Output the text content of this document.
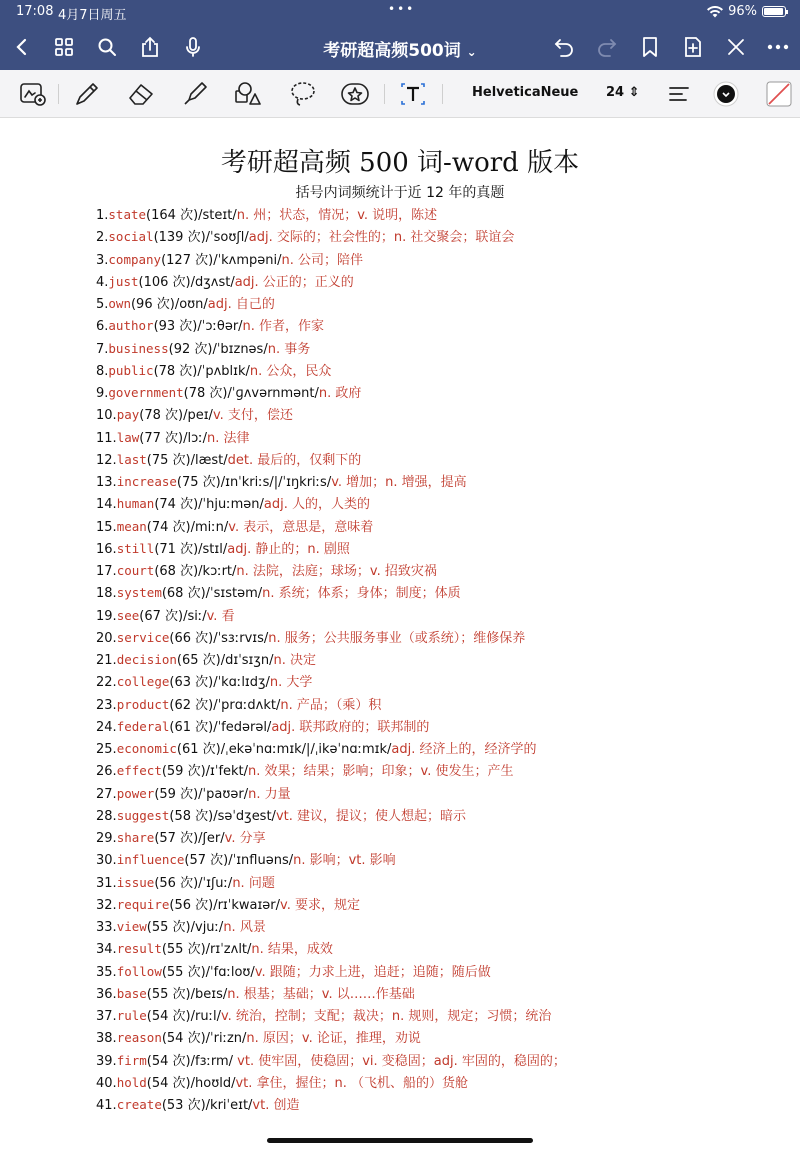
17:08 4月7日周五	•••	96%
考研超高频500词 ⌄
HelveticaNeue 24 ⇕
考研超高频 500 词-word 版本
括号内词频统计于近 12 年的真题
1.state(164 次)/steɪt/n. 州；状态，情况；v. 说明，陈述
2.social(139 次)/ˈsoʊʃl/adj. 交际的；社会性的；n. 社交聚会；联谊会
3.company(127 次)/ˈkʌmpəni/n. 公司；陪伴
4.just(106 次)/dʒʌst/adj. 公正的；正义的
5.own(96 次)/oʊn/adj. 自己的
6.author(93 次)/ˈɔːθər/n. 作者，作家
7.business(92 次)/ˈbɪznəs/n. 事务
8.public(78 次)/ˈpʌblɪk/n. 公众，民众
9.government(78 次)/ˈɡʌvərnmənt/n. 政府
10.pay(78 次)/peɪ/v. 支付，偿还
11.law(77 次)/lɔː/n. 法律
12.last(75 次)/læst/det. 最后的，仅剩下的
13.increase(75 次)/ɪnˈkriːs/|/ˈɪŋkriːs/v. 增加；n. 增强，提高
14.human(74 次)/ˈhjuːmən/adj. 人的，人类的
15.mean(74 次)/miːn/v. 表示，意思是，意味着
16.still(71 次)/stɪl/adj. 静止的；n. 剧照
17.court(68 次)/kɔːrt/n. 法院，法庭；球场；v. 招致灾祸
18.system(68 次)/ˈsɪstəm/n. 系统；体系；身体；制度；体质
19.see(67 次)/siː/v. 看
20.service(66 次)/ˈsɜːrvɪs/n. 服务；公共服务事业（或系统）；维修保养
21.decision(65 次)/dɪˈsɪʒn/n. 决定
22.college(63 次)/ˈkɑːlɪdʒ/n. 大学
23.product(62 次)/ˈprɑːdʌkt/n. 产品；（乘）积
24.federal(61 次)/ˈfedərəl/adj. 联邦政府的；联邦制的
25.economic(61 次)/ˌekəˈnɑːmɪk/|/ˌikəˈnɑːmɪk/adj. 经济上的，经济学的
26.effect(59 次)/ɪˈfekt/n. 效果；结果；影响；印象；v. 使发生；产生
27.power(59 次)/ˈpaʊər/n. 力量
28.suggest(58 次)/səˈdʒest/vt. 建议，提议；使人想起；暗示
29.share(57 次)/ʃer/v. 分享
30.influence(57 次)/ˈɪnfluəns/n. 影响；vt. 影响
31.issue(56 次)/ˈɪʃuː/n. 问题
32.require(56 次)/rɪˈkwaɪər/v. 要求，规定
33.view(55 次)/vjuː/n. 风景
34.result(55 次)/rɪˈzʌlt/n. 结果，成效
35.follow(55 次)/ˈfɑːloʊ/v. 跟随；力求上进，追赶；追随；随后做
36.base(55 次)/beɪs/n. 根基；基础；v. 以……作基础
37.rule(54 次)/ruːl/v. 统治，控制；支配；裁决；n. 规则，规定；习惯；统治
38.reason(54 次)/ˈriːzn/n. 原因；v. 论证，推理，劝说
39.firm(54 次)/fɜːrm/ vt. 使牢固，使稳固；vi. 变稳固；adj. 牢固的，稳固的；
40.hold(54 次)/hoʊld/vt. 拿住，握住；n. （飞机、船的）货舱
41.create(53 次)/kriˈeɪt/vt. 创造
